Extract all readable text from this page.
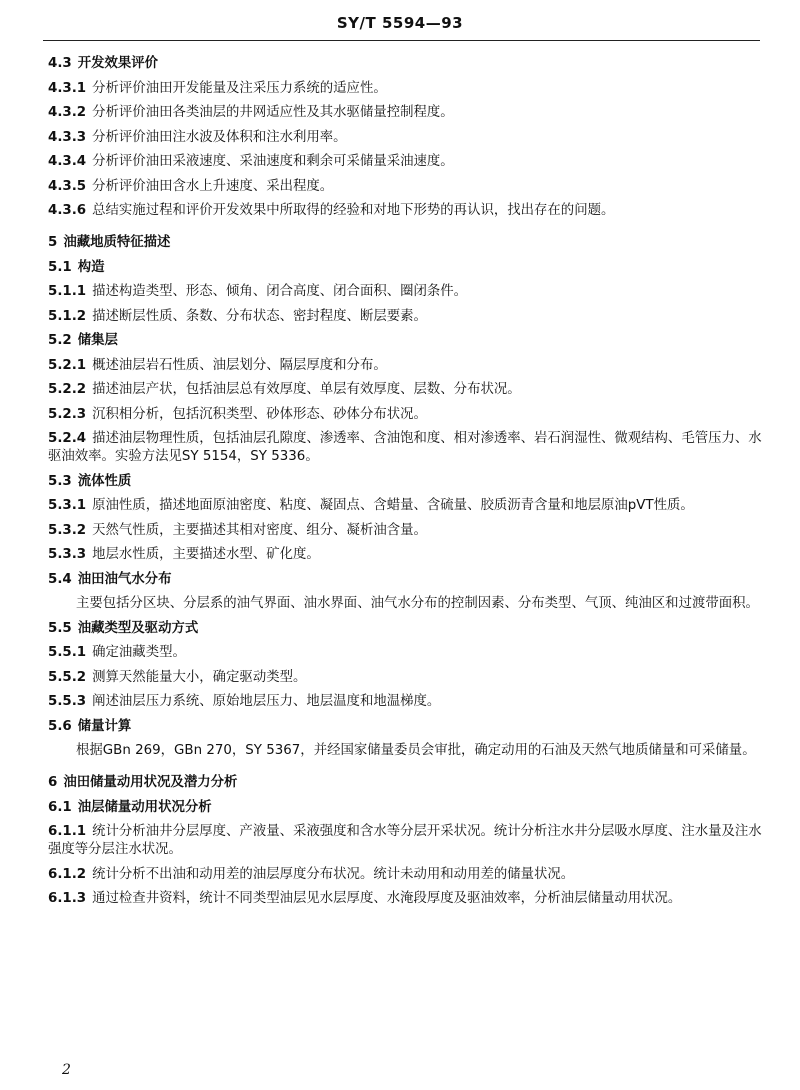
SY/T 5594—93
4.3 开发效果评价
4.3.1 分析评价油田开发能量及注采压力系统的适应性。
4.3.2 分析评价油田各类油层的井网适应性及其水驱储量控制程度。
4.3.3 分析评价油田注水波及体积和注水利用率。
4.3.4 分析评价油田采液速度、采油速度和剩余可采储量采油速度。
4.3.5 分析评价油田含水上升速度、采出程度。
4.3.6 总结实施过程和评价开发效果中所取得的经验和对地下形势的再认识，找出存在的问题。
5 油藏地质特征描述
5.1 构造
5.1.1 描述构造类型、形态、倾角、闭合高度、闭合面积、圈闭条件。
5.1.2 描述断层性质、条数、分布状态、密封程度、断层要素。
5.2 储集层
5.2.1 概述油层岩石性质、油层划分、隔层厚度和分布。
5.2.2 描述油层产状，包括油层总有效厚度、单层有效厚度、层数、分布状况。
5.2.3 沉积相分析，包括沉积类型、砂体形态、砂体分布状况。
5.2.4 描述油层物理性质，包括油层孔隙度、渗透率、含油饱和度、相对渗透率、岩石润湿性、微观结构、毛管压力、水驱油效率。实验方法见SY 5154，SY 5336。
5.3 流体性质
5.3.1 原油性质，描述地面原油密度、粘度、凝固点、含蜡量、含硫量、胶质沥青含量和地层原油pVT性质。
5.3.2 天然气性质，主要描述其相对密度、组分、凝析油含量。
5.3.3 地层水性质，主要描述水型、矿化度。
5.4 油田油气水分布
主要包括分区块、分层系的油气界面、油水界面、油气水分布的控制因素、分布类型、气顶、纯油区和过渡带面积。
5.5 油藏类型及驱动方式
5.5.1 确定油藏类型。
5.5.2 测算天然能量大小，确定驱动类型。
5.5.3 阐述油层压力系统、原始地层压力、地层温度和地温梯度。
5.6 储量计算
根据GBn 269，GBn 270，SY 5367，并经国家储量委员会审批，确定动用的石油及天然气地质储量和可采储量。
6 油田储量动用状况及潜力分析
6.1 油层储量动用状况分析
6.1.1 统计分析油井分层厚度、产液量、采液强度和含水等分层开采状况。统计分析注水井分层吸水厚度、注水量及注水强度等分层注水状况。
6.1.2 统计分析不出油和动用差的油层厚度分布状况。统计未动用和动用差的储量状况。
6.1.3 通过检查井资料，统计不同类型油层见水层厚度、水淹段厚度及驱油效率，分析油层储量动用状况。
2
